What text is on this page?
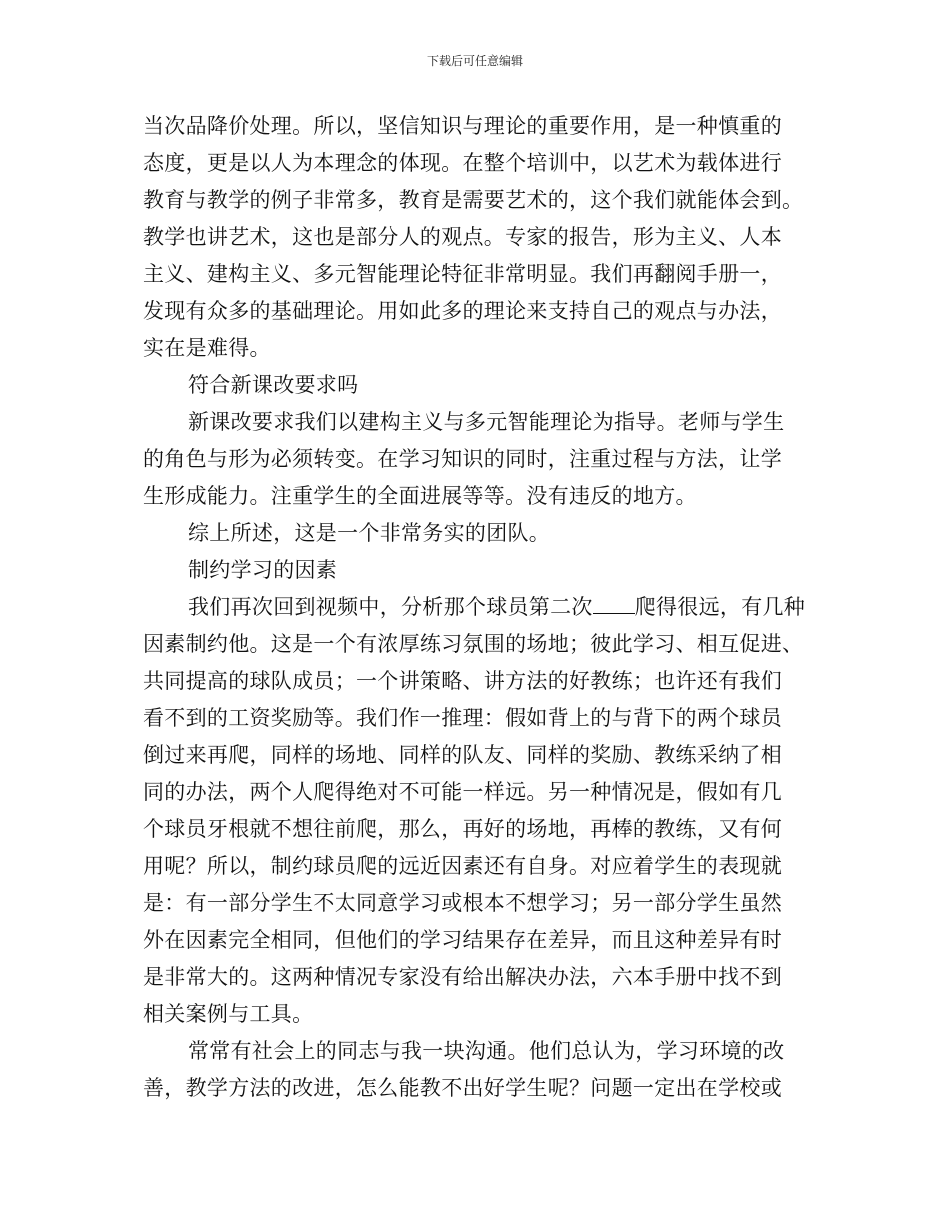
下载后可任意编辑
当次品降价处理。所以，坚信知识与理论的重要作用，是一种慎重的
态度，更是以人为本理念的体现。在整个培训中，以艺术为载体进行
教育与教学的例子非常多，教育是需要艺术的，这个我们就能体会到。
教学也讲艺术，这也是部分人的观点。专家的报告，形为主义、人本
主义、建构主义、多元智能理论特征非常明显。我们再翻阅手册一，
发现有众多的基础理论。用如此多的理论来支持自己的观点与办法，
实在是难得。
符合新课改要求吗
新课改要求我们以建构主义与多元智能理论为指导。老师与学生
的角色与形为必须转变。在学习知识的同时，注重过程与方法，让学
生形成能力。注重学生的全面进展等等。没有违反的地方。
综上所述，这是一个非常务实的团队。
制约学习的因素
我们再次回到视频中，分析那个球员第二次 爬得很远，有几种
因素制约他。这是一个有浓厚练习氛围的场地；彼此学习、相互促进、
共同提高的球队成员；一个讲策略、讲方法的好教练；也许还有我们
看不到的工资奖励等。我们作一推理：假如背上的与背下的两个球员
倒过来再爬，同样的场地、同样的队友、同样的奖励、教练采纳了相
同的办法，两个人爬得绝对不可能一样远。另一种情况是，假如有几
个球员牙根就不想往前爬，那么，再好的场地，再棒的教练，又有何
用呢？所以，制约球员爬的远近因素还有自身。对应着学生的表现就
是：有一部分学生不太同意学习或根本不想学习；另一部分学生虽然
外在因素完全相同，但他们的学习结果存在差异，而且这种差异有时
是非常大的。这两种情况专家没有给出解决办法，六本手册中找不到
相关案例与工具。
常常有社会上的同志与我一块沟通。他们总认为，学习环境的改
善，教学方法的改进，怎么能教不出好学生呢？问题一定出在学校或
